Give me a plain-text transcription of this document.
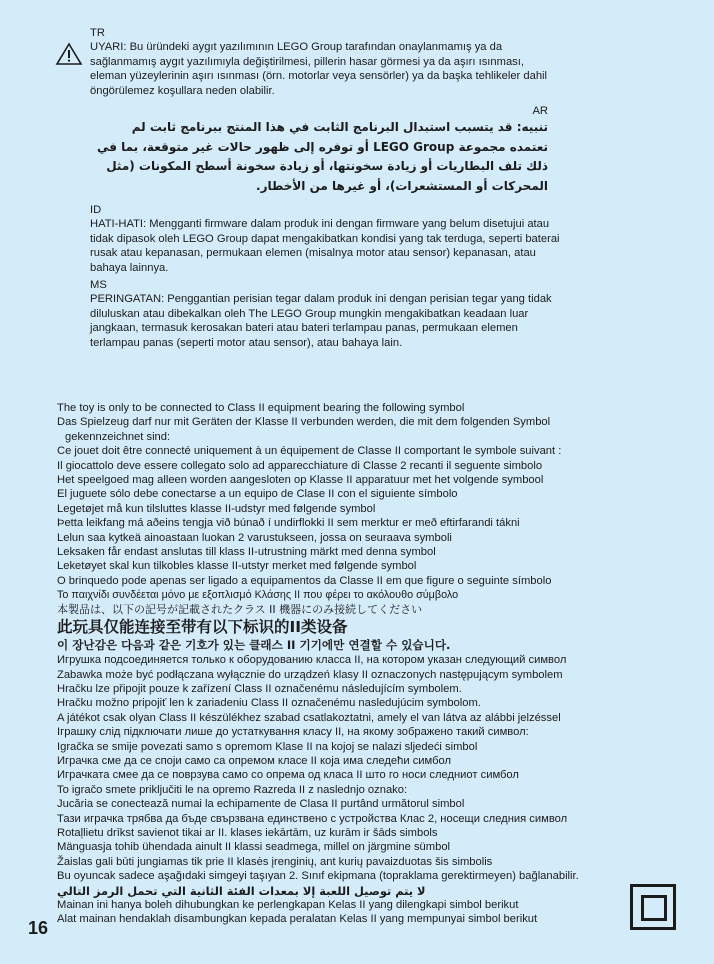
TR
UYARI: Bu üründeki aygıt yazılımının LEGO Group tarafından onaylanmamış ya da sağlanmamış aygıt yazılımıyla değiştirilmesi, pillerin hasar görmesi ya da aşırı ısınması, eleman yüzeylerinin aşırı ısınması (örn. motorlar veya sensörler) ya da başka tehlikeler dahil öngörülemez koşullara neden olabilir.
AR
تنبيه: قد يتسبب استبدال البرنامج الثابت في هذا المنتج ببرنامج ثابت لم تعتمده مجموعة LEGO Group أو توفره إلى ظهور حالات غير متوقعة، بما في ذلك تلف البطاريات أو زيادة سخونتها، أو زيادة سخونة أسطح المكونات (مثل المحركات أو المستشعرات)، أو غيرها من الأخطار.
ID
HATI-HATI: Mengganti firmware dalam produk ini dengan firmware yang belum disetujui atau tidak dipasok oleh LEGO Group dapat mengakibatkan kondisi yang tak terduga, seperti baterai rusak atau kepanasan, permukaan elemen (misalnya motor atau sensor) kepanasan, atau bahaya lainnya.
MS
PERINGATAN: Penggantian perisian tegar dalam produk ini dengan perisian tegar yang tidak diluluskan atau dibekalkan oleh The LEGO Group mungkin mengakibatkan keadaan luar jangkaan, termasuk kerosakan bateri atau bateri terlampau panas, permukaan elemen terlampau panas (seperti motor atau sensor), atau bahaya lain.
The toy is only to be connected to Class II equipment bearing the following symbol
Das Spielzeug darf nur mit Geräten der Klasse II verbunden werden, die mit dem folgenden Symbol
gekennzeichnet sind:
Ce jouet doit être connecté uniquement à un équipement de Classe II comportant le symbole suivant :
Il giocattolo deve essere collegato solo ad apparecchiature di Classe 2 recanti il seguente simbolo
Het speelgoed mag alleen worden aangesloten op Klasse II apparatuur met het volgende symbool
El juguete sólo debe conectarse a un equipo de Clase II con el siguiente símbolo
Legetøjet må kun tilsluttes klasse II-udstyr med følgende symbol
Þetta leikfang má aðeins tengja við búnað í undirflokki II sem merktur er með eftirfarandi tákni
Lelun saa kytkeä ainoastaan luokan 2 varustukseen, jossa on seuraava symboli
Leksaken får endast anslutas till klass II-utrustning märkt med denna symbol
Leketøyet skal kun tilkobles klasse II-utstyr merket med følgende symbol
O brinquedo pode apenas ser ligado a equipamentos da Classe II em que figure o seguinte símbolo
Το παιχνίδι συνδέεται μόνο με εξοπλισμό Κλάσης II που φέρει το ακόλουθο σύμβολο
本製品は、以下の記号が記載されたクラス II 機器にのみ接続してください
此玩具仅能连接至带有以下标识的II类设备
이 장난감은 다음과 같은 기호가 있는 클래스 II 기기에만 연결할 수 있습니다.
Игрушка подсоединяется только к оборудованию класса II, на котором указан следующий символ
Zabawka może być podłączana wyłącznie do urządzeń klasy II oznaczonych następującym symbolem
Hračku lze připojit pouze k zařízení Class II označenému následujícím symbolem.
Hračku možno pripojiť len k zariadeniu Class II označenému nasledujúcim symbolom.
A játékot csak olyan Class II készülékhez szabad csatlakoztatni, amely el van látva az alábbi jelzéssel
Іграшку слід підключати лише до устаткування класу II, на якому зображено такий символ:
Igračka se smije povezati samo s opremom Klase II na kojoj se nalazi sljedeći simbol
Играчка сме да се споји само са опремом класе II која има следећи симбол
Играчката смее да се поврзува само со опрема од класа II што го носи следниот симбол
To igračo smete priključiti le na opremo Razreda II z naslednjo oznako:
Jucăria se conectează numai la echipamente de Clasa II purtând următorul simbol
Тази играчка трябва да бъде свързвана единствено с устройства Клас 2, носещи следния символ
Rotaļlietu drīkst savienot tikai ar II. klases iekārtām, uz kurām ir šāds simbols
Mänguasja tohib ühendada ainult II klassi seadmega, millel on järgmine sümbol
Žaislas gali būti jungiamas tik prie II klasės įrenginių, ant kurių pavaizduotas šis simbolis
Bu oyuncak sadece aşağıdaki simgeyi taşıyan 2. Sınıf ekipmana (topraklama gerektirmeyen) bağlanabilir.
لا يتم توصيل اللعبة إلا بمعدات الفئة الثانية التي تحمل الرمز التالي
Mainan ini hanya boleh dihubungkan ke perlengkapan Kelas II yang dilengkapi simbol berikut
Alat mainan hendaklah disambungkan kepada peralatan Kelas II yang mempunyai simbol berikut
16
